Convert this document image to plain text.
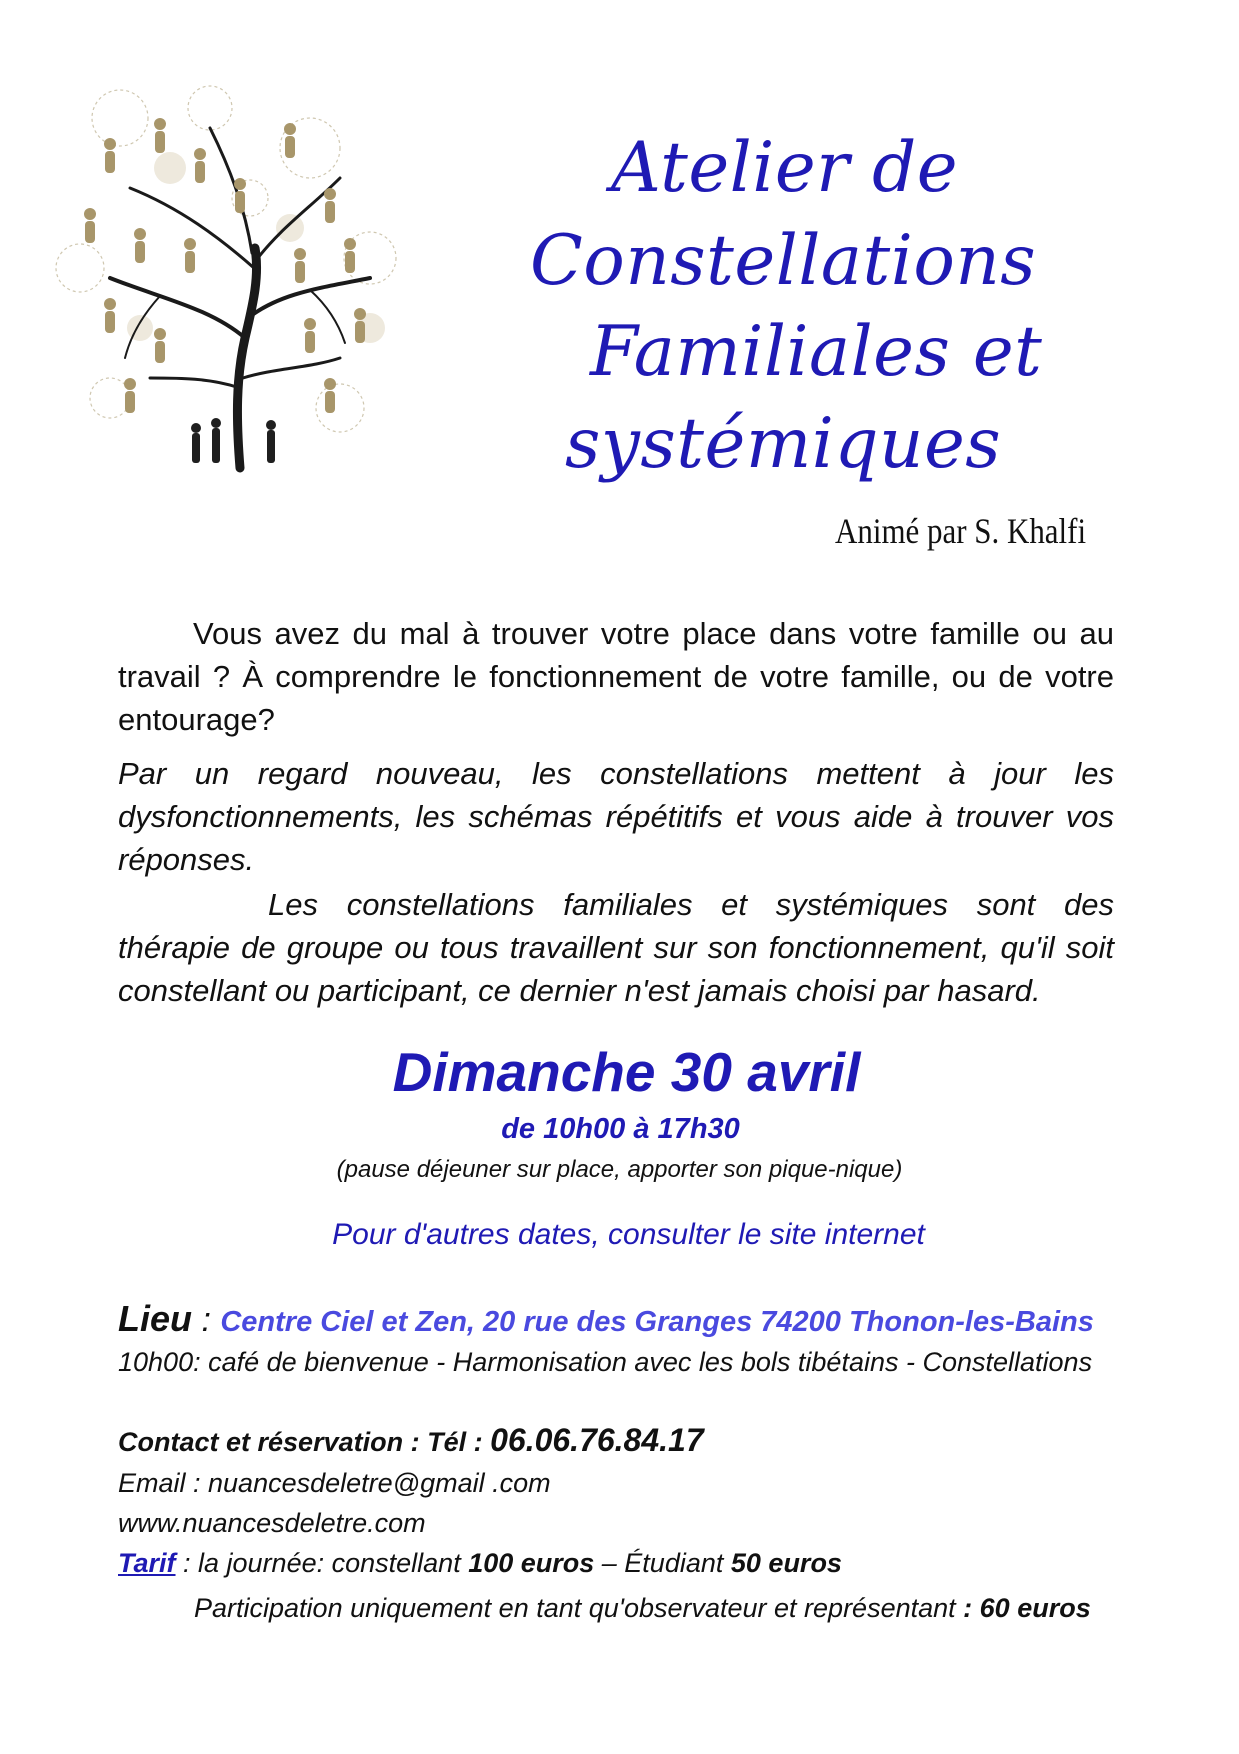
Atelier de
Constellations
Familiales et
systémiques
Animé par S. Khalfi

Vous avez du mal à trouver votre place dans votre famille ou au travail ? À comprendre le fonctionnement de votre famille, ou de votre entourage?

Par un regard nouveau, les constellations mettent à jour les dysfonctionnements, les schémas répétitifs et vous aide à trouver vos réponses.

Les constellations familiales et systémiques sont des thérapie de groupe ou tous travaillent sur son fonctionnement, qu'il soit constellant ou participant, ce dernier n'est jamais choisi par hasard.

Dimanche 30 avril

de 10h00 à 17h30

(pause déjeuner sur place, apporter son pique-nique)

Pour d'autres dates, consulter le site internet

Lieu : Centre Ciel et Zen, 20 rue des Granges 74200 Thonon-les-Bains

10h00: café de bienvenue - Harmonisation avec les bols tibétains - Constellations

Contact et réservation : Tél : 06.06.76.84.17

Email : nuancesdeletre@gmail .com

www.nuancesdeletre.com

Tarif : la journée: constellant 100 euros – Étudiant 50 euros

Participation uniquement en tant qu'observateur et représentant : 60 euros
